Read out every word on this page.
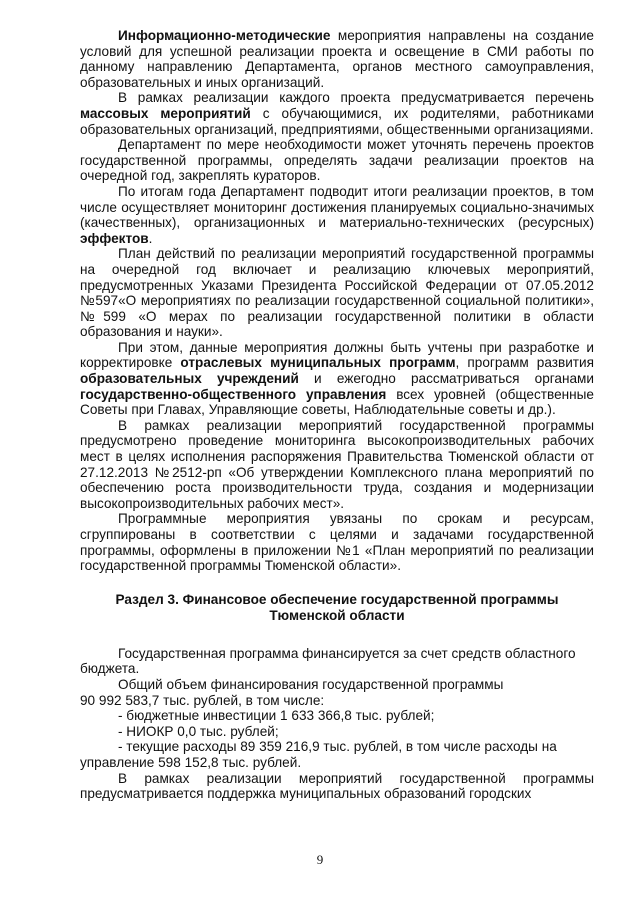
Информационно-методические мероприятия направлены на создание условий для успешной реализации проекта и освещение в СМИ работы по данному направлению Департамента, органов местного самоуправления, образовательных и иных организаций.

В рамках реализации каждого проекта предусматривается перечень массовых мероприятий с обучающимися, их родителями, работниками образовательных организаций, предприятиями, общественными организациями.

Департамент по мере необходимости может уточнять перечень проектов государственной программы, определять задачи реализации проектов на очередной год, закреплять кураторов.

По итогам года Департамент подводит итоги реализации проектов, в том числе осуществляет мониторинг достижения планируемых социально-значимых (качественных), организационных и материально-технических (ресурсных) эффектов.

План действий по реализации мероприятий государственной программы на очередной год включает и реализацию ключевых мероприятий, предусмотренных Указами Президента Российской Федерации от 07.05.2012 №597«О мероприятиях по реализации государственной социальной политики», №599 «О мерах по реализации государственной политики в области образования и науки».

При этом, данные мероприятия должны быть учтены при разработке и корректировке отраслевых муниципальных программ, программ развития образовательных учреждений и ежегодно рассматриваться органами государственно-общественного управления всех уровней (общественные Советы при Главах, Управляющие советы, Наблюдательные советы и др.).

В рамках реализации мероприятий государственной программы предусмотрено проведение мониторинга высокопроизводительных рабочих мест в целях исполнения распоряжения Правительства Тюменской области от 27.12.2013 №2512-рп «Об утверждении Комплексного плана мероприятий по обеспечению роста производительности труда, создания и модернизации высокопроизводительных рабочих мест».

Программные мероприятия увязаны по срокам и ресурсам, сгруппированы в соответствии с целями и задачами государственной программы, оформлены в приложении №1 «План мероприятий по реализации государственной программы Тюменской области».

Раздел 3. Финансовое обеспечение государственной программы
Тюменской области

Государственная программа финансируется за счет средств областного бюджета.

Общий объем финансирования государственной программы

90 992 583,7 тыс. рублей, в том числе:

- бюджетные инвестиции 1 633 366,8 тыс. рублей;

- НИОКР 0,0 тыс. рублей;

- текущие расходы 89 359 216,9 тыс. рублей, в том числе расходы на управление 598 152,8 тыс. рублей.

В рамках реализации мероприятий государственной программы предусматривается поддержка муниципальных образований городских

9
